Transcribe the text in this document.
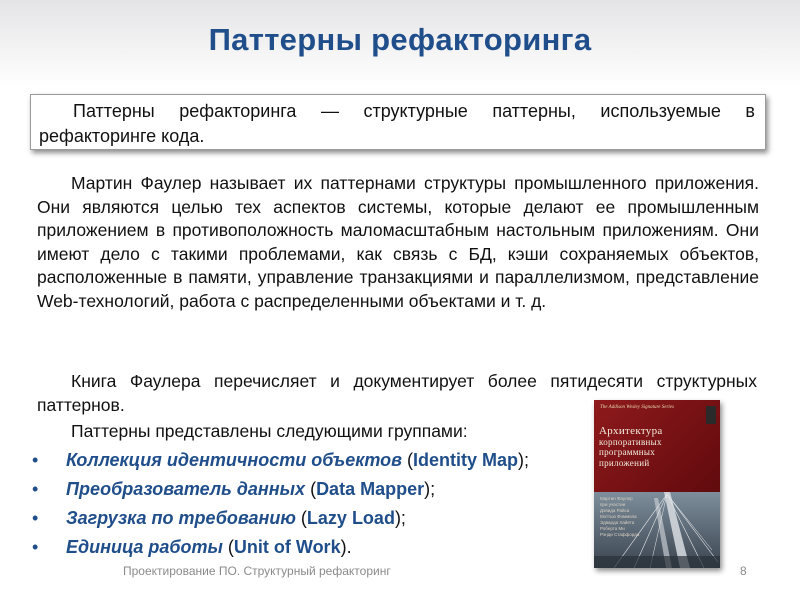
Паттерны рефакторинга
Паттерны рефакторинга — структурные паттерны, используемые в рефакторинге кода.
Мартин Фаулер называет их паттернами структуры промышленного приложения. Они являются целью тех аспектов системы, которые делают ее промышленным приложением в противоположность маломасштабным настольным приложениям. Они имеют дело с такими проблемами, как связь с БД, кэши сохраняемых объектов, расположенные в памяти, управление транзакциями и параллелизмом, представление Web-технологий, работа с распределенными объектами и т. д.
Книга Фаулера перечисляет и документирует более пятидесяти структурных паттернов.
Паттерны представлены следующими группами:
• Коллекция идентичности объектов (Identity Map);
• Преобразователь данных (Data Mapper);
• Загрузка по требованию (Lazy Load);
• Единица работы (Unit of Work).
The Addison Wesley Signature Series
Архитектура
корпоративных
программных
приложений
Мартин Фаулер
при участии
Дэвида Райса
Мэттью Фоммела
Эдварда Хайета
Роберта Ми
Рэнди Стаффорда
Проектирование ПО. Структурный рефакторинг	8
